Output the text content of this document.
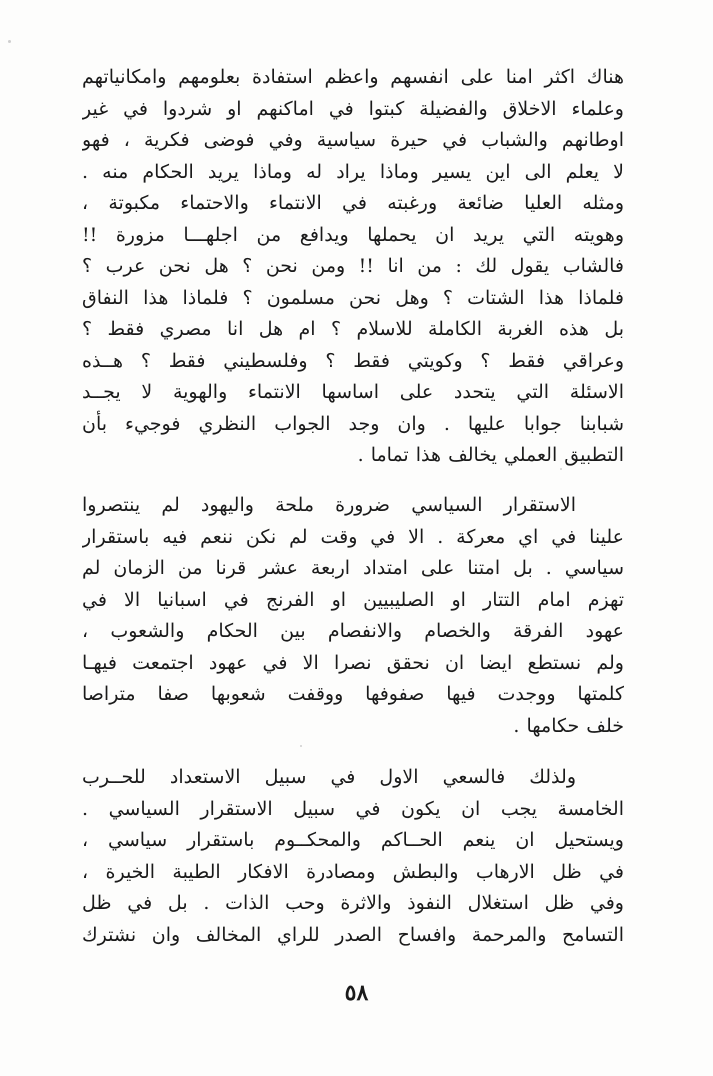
هناك اكثر امنا على انفسهم واعظم استفادة بعلومهم وامكانياتهم
وعلماء الاخلاق والفضيلة كبتوا في اماكنهم او شردوا في غير
اوطانهم والشباب في حيرة سياسية وفي فوضى فكرية ، فهو
لا يعلم الى اين يسير وماذا يراد له وماذا يريد الحكام منه .
ومثله العليا ضائعة ورغبته في الانتماء والاحتماء مكبوتة ،
وهويته التي يريد ان يحملها ويدافع من اجلهـــا مزورة !!
فالشاب يقول لك : من انا !! ومن نحن ؟ هل نحن عرب ؟
فلماذا هذا الشتات ؟ وهل نحن مسلمون ؟ فلماذا هذا النفاق
بل هذه الغربة الكاملة للاسلام ؟ ام هل انا مصري فقط ؟
وعراقي فقط ؟ وكويتي فقط ؟ وفلسطيني فقط ؟ هــذه
الاسئلة التي يتحدد على اساسها الانتماء والهوية لا يجــد
شبابنا جوابا عليها . وان وجد الجواب النظري فوجيء بأن
التطبيق العملي يخالف هذا تماما .
الاستقرار السياسي ضرورة ملحة واليهود لم ينتصروا
علينا في اي معركة . الا في وقت لم نكن ننعم فيه باستقرار
سياسي . بل امتنا على امتداد اربعة عشر قرنا من الزمان لم
تهزم امام التتار او الصليبيين او الفرنج في اسبانيا الا في
عهود الفرقة والخصام والانفصام بين الحكام والشعوب ،
ولم نستطع ايضا ان نحقق نصرا الا في عهود اجتمعت فيهـا
كلمتها ووجدت فيها صفوفها ووقفت شعوبها صفا متراصا
خلف حكامها .
ولذلك فالسعي الاول في سبيل الاستعداد للحــرب
الخامسة يجب ان يكون في سبيل الاستقرار السياسي .
ويستحيل ان ينعم الحــاكم والمحكــوم باستقرار سياسي ،
في ظل الارهاب والبطش ومصادرة الافكار الطيبة الخيرة ،
وفي ظل استغلال النفوذ والاثرة وحب الذات . بل في ظل
التسامح والمرحمة وافساح الصدر للراي المخالف وان نشترك
٥٨
